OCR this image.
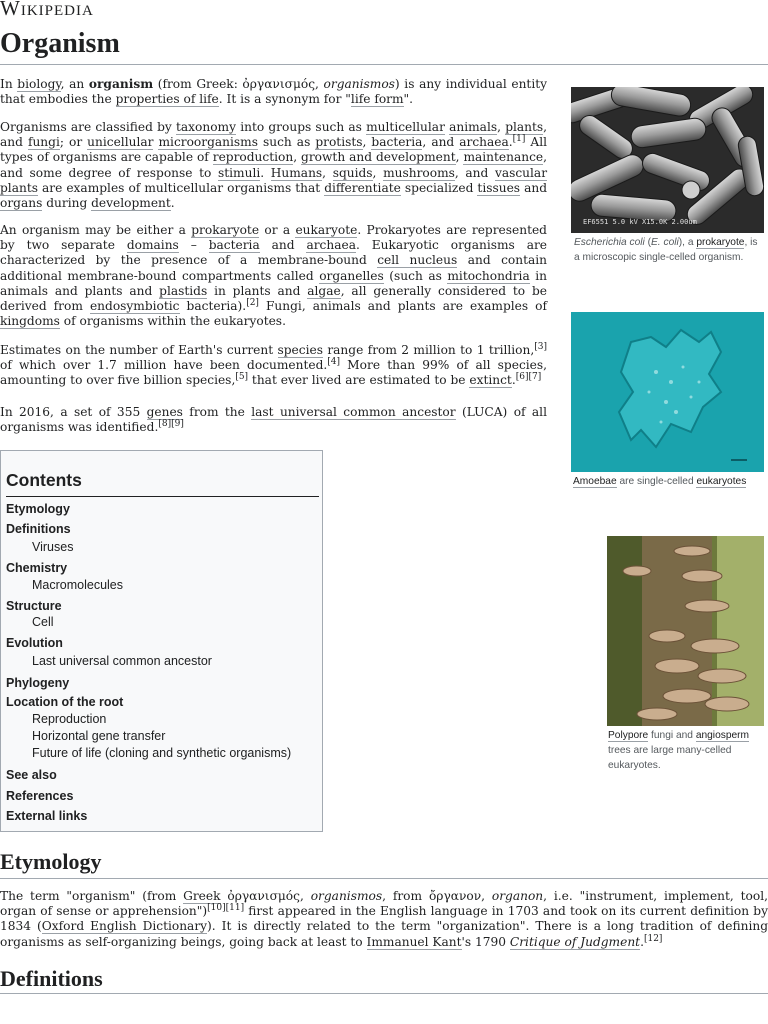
Wikipedia
Organism

In biology, an organism (from Greek: ὀργανισμός, organismos) is any individual entity that embodies the properties of life. It is a synonym for "life form".

Organisms are classified by taxonomy into groups such as multicellular animals, plants, and fungi; or unicellular microorganisms such as protists, bacteria, and archaea.[1] All types of organisms are capable of reproduction, growth and development, maintenance, and some degree of response to stimuli. Humans, squids, mushrooms, and vascular plants are examples of multicellular organisms that differentiate specialized tissues and organs during development.

An organism may be either a prokaryote or a eukaryote. Prokaryotes are represented by two separate domains – bacteria and archaea. Eukaryotic organisms are characterized by the presence of a membrane-bound cell nucleus and contain additional membrane-bound compartments called organelles (such as mitochondria in animals and plants and plastids in plants and algae, all generally considered to be derived from endosymbiotic bacteria).[2] Fungi, animals and plants are examples of kingdoms of organisms within the eukaryotes.

Estimates on the number of Earth's current species range from 2 million to 1 trillion,[3] of which over 1.7 million have been documented.[4] More than 99% of all species, amounting to over five billion species,[5] that ever lived are estimated to be extinct.[6][7]

In 2016, a set of 355 genes from the last universal common ancestor (LUCA) of all organisms was identified.[8][9]

Contents
Etymology
Definitions
Viruses
Chemistry
Macromolecules
Structure
Cell
Evolution
Last universal common ancestor
Phylogeny
Location of the root
Reproduction
Horizontal gene transfer
Future of life (cloning and synthetic organisms)
See also
References
External links
EF6551 5.0 kV X15.0K 2.00um
Escherichia coli (E. coli), a prokaryote, is a microscopic single-celled organism.
Amoebae are single-celled eukaryotes
Polypore fungi and angiosperm trees are large many-celled eukaryotes.
Etymology
The term "organism" (from Greek ὀργανισμός, organismos, from ὄργανον, organon, i.e. "instrument, implement, tool, organ of sense or apprehension")[10][11] first appeared in the English language in 1703 and took on its current definition by 1834 (Oxford English Dictionary). It is directly related to the term "organization". There is a long tradition of defining organisms as self-organizing beings, going back at least to Immanuel Kant's 1790 Critique of Judgment.[12]
Definitions
